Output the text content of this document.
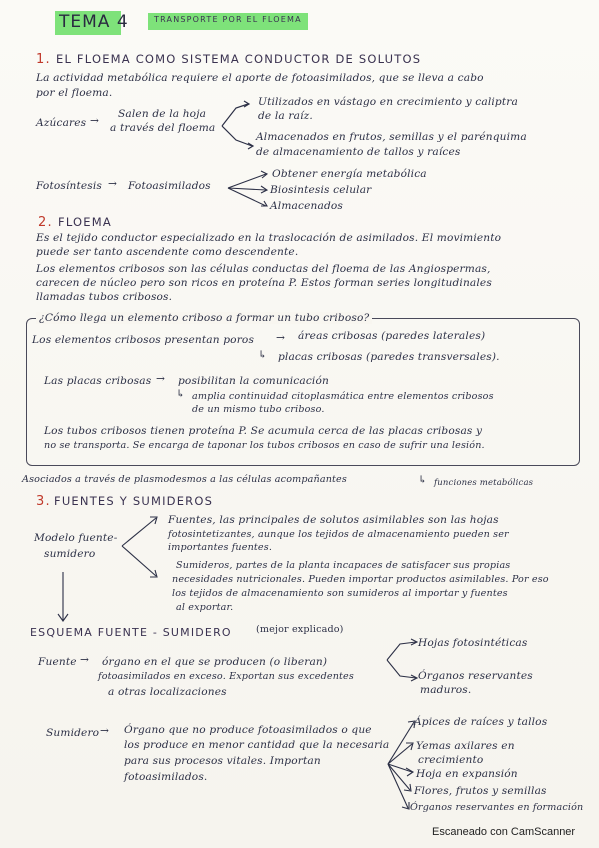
TEMA 4	TRANSPORTE POR EL FLOEMA
1. EL FLOEMA COMO SISTEMA CONDUCTOR DE SOLUTOS
La actividad metabólica requiere el aporte de fotoasimilados, que se lleva a cabo
por el floema.
Azúcares →
Salen de la hoja
a través del floema
Utilizados en vástago en crecimiento y caliptra
de la raíz.
Almacenados en frutos, semillas y el parénquima
de almacenamiento de tallos y raíces
Fotosíntesis → Fotoasimilados
Obtener energía metabólica
Biosintesis celular
Almacenados
2. FLOEMA
Es el tejido conductor especializado en la traslocación de asimilados. El movimiento
puede ser tanto ascendente como descendente.
Los elementos cribosos son las células conductas del floema de las Angiospermas,
carecen de núcleo pero son ricos en proteína P. Estos forman series longitudinales
llamadas tubos cribosos.
¿Cómo llega un elemento criboso a formar un tubo criboso?
Los elementos cribosos presentan poros → áreas cribosas (paredes laterales)
↳ placas cribosas (paredes transversales).
Las placas cribosas → posibilitan la comunicación
↳ amplia continuidad citoplasmática entre elementos cribosos
de un mismo tubo criboso.
Los tubos cribosos tienen proteína P. Se acumula cerca de las placas cribosas y
no se transporta. Se encarga de taponar los tubos cribosos en caso de sufrir una lesión.
Asociados a través de plasmodesmos a las células acompañantes	↳ funciones metabólicas
3. FUENTES Y SUMIDEROS
Modelo fuente-
sumidero
Fuentes, las principales de solutos asimilables son las hojas
fotosintetizantes, aunque los tejidos de almacenamiento pueden ser
importantes fuentes.
Sumideros, partes de la planta incapaces de satisfacer sus propias
necesidades nutricionales. Pueden importar productos asimilables. Por eso
los tejidos de almacenamiento son sumideros al importar y fuentes
al exportar.
ESQUEMA FUENTE - SUMIDERO	(mejor explicado)
Fuente → órgano en el que se producen (o liberan)
fotoasimilados en exceso. Exportan sus excedentes
a otras localizaciones
Hojas fotosintéticas
Órganos reservantes
maduros.
Sumidero → Órgano que no produce fotoasimilados o que
los produce en menor cantidad que la necesaria
para sus procesos vitales. Importan
fotoasimilados.
Ápices de raíces y tallos
Yemas axilares en
crecimiento
Hoja en expansión
Flores, frutos y semillas
Órganos reservantes en formación
Escaneado con CamScanner
